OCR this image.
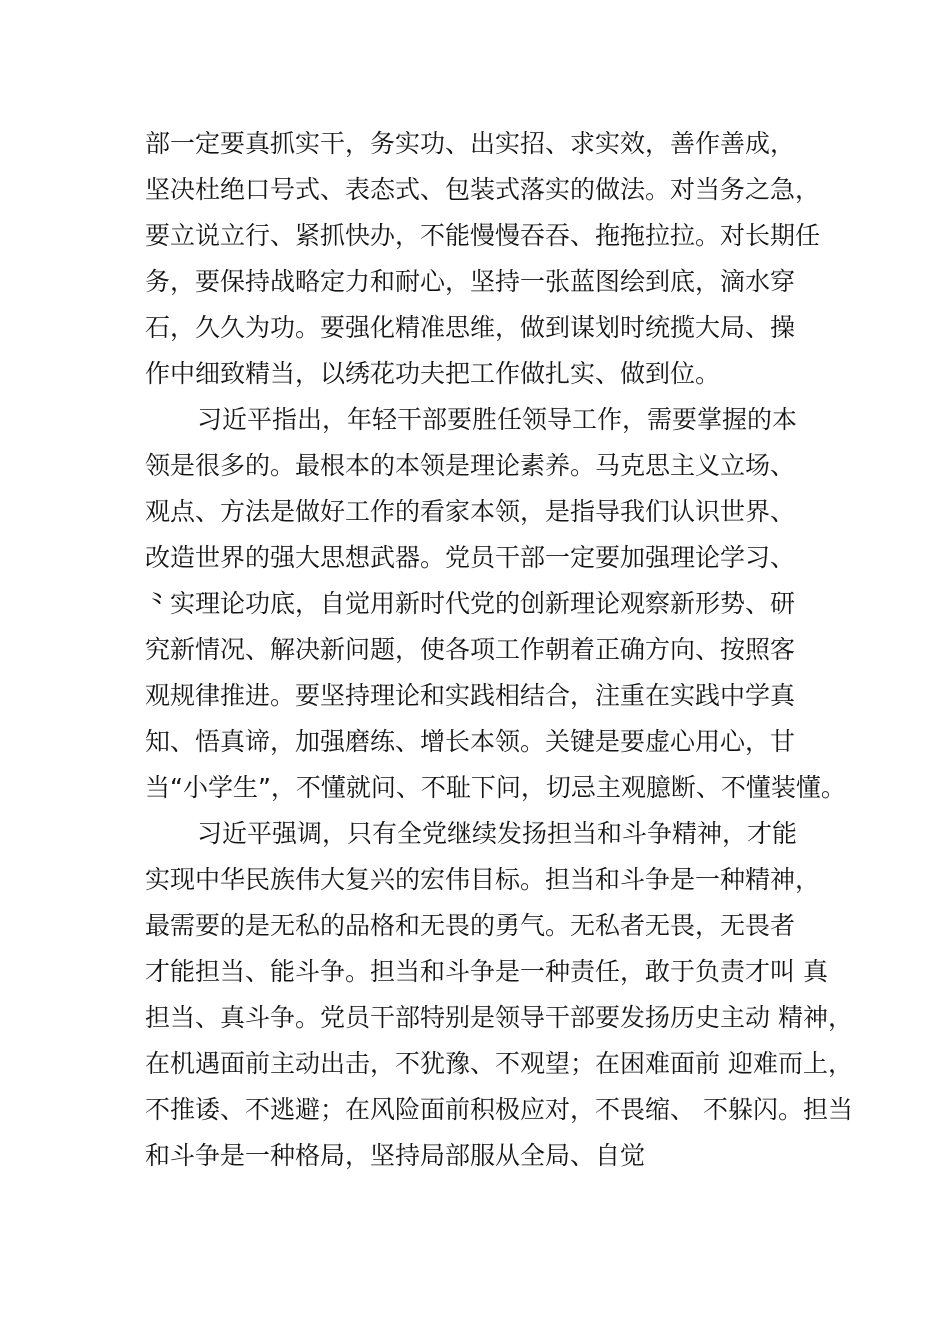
部一定要真抓实干，务实功、出实招、求实效，善作善成，
坚决杜绝口号式、表态式、包装式落实的做法。对当务之急，
要立说立行、紧抓快办，不能慢慢吞吞、拖拖拉拉。对长期任
务，要保持战略定力和耐心，坚持一张蓝图绘到底，滴水穿
石，久久为功。要强化精准思维，做到谋划时统揽大局、操
作中细致精当，以绣花功夫把工作做扎实、做到位。
习近平指出，年轻干部要胜任领导工作，需要掌握的本
领是很多的。最根本的本领是理论素养。马克思主义立场、
观点、方法是做好工作的看家本领，是指导我们认识世界、
改造世界的强大思想武器。党员干部一定要加强理论学习、
⺀实理论功底，自觉用新时代党的创新理论观察新形势、研
究新情况、解决新问题，使各项工作朝着正确方向、按照客
观规律推进。要坚持理论和实践相结合，注重在实践中学真
知、悟真谛，加强磨练、增长本领。关键是要虚心用心，甘
当“小学生”，不懂就问、不耻下问，切忌主观臆断、不懂装懂。
习近平强调，只有全党继续发扬担当和斗争精神，才能
实现中华民族伟大复兴的宏伟目标。担当和斗争是一种精神，
最需要的是无私的品格和无畏的勇气。无私者无畏，无畏者
才能担当、能斗争。担当和斗争是一种责任，敢于负责才叫 真
担当、真斗争。党员干部特别是领导干部要发扬历史主动 精神，
在机遇面前主动出击，不犹豫、不观望；在困难面前 迎难而上，
不推诿、不逃避；在风险面前积极应对，不畏缩、 不躲闪。担当
和斗争是一种格局，坚持局部服从全局、自觉
